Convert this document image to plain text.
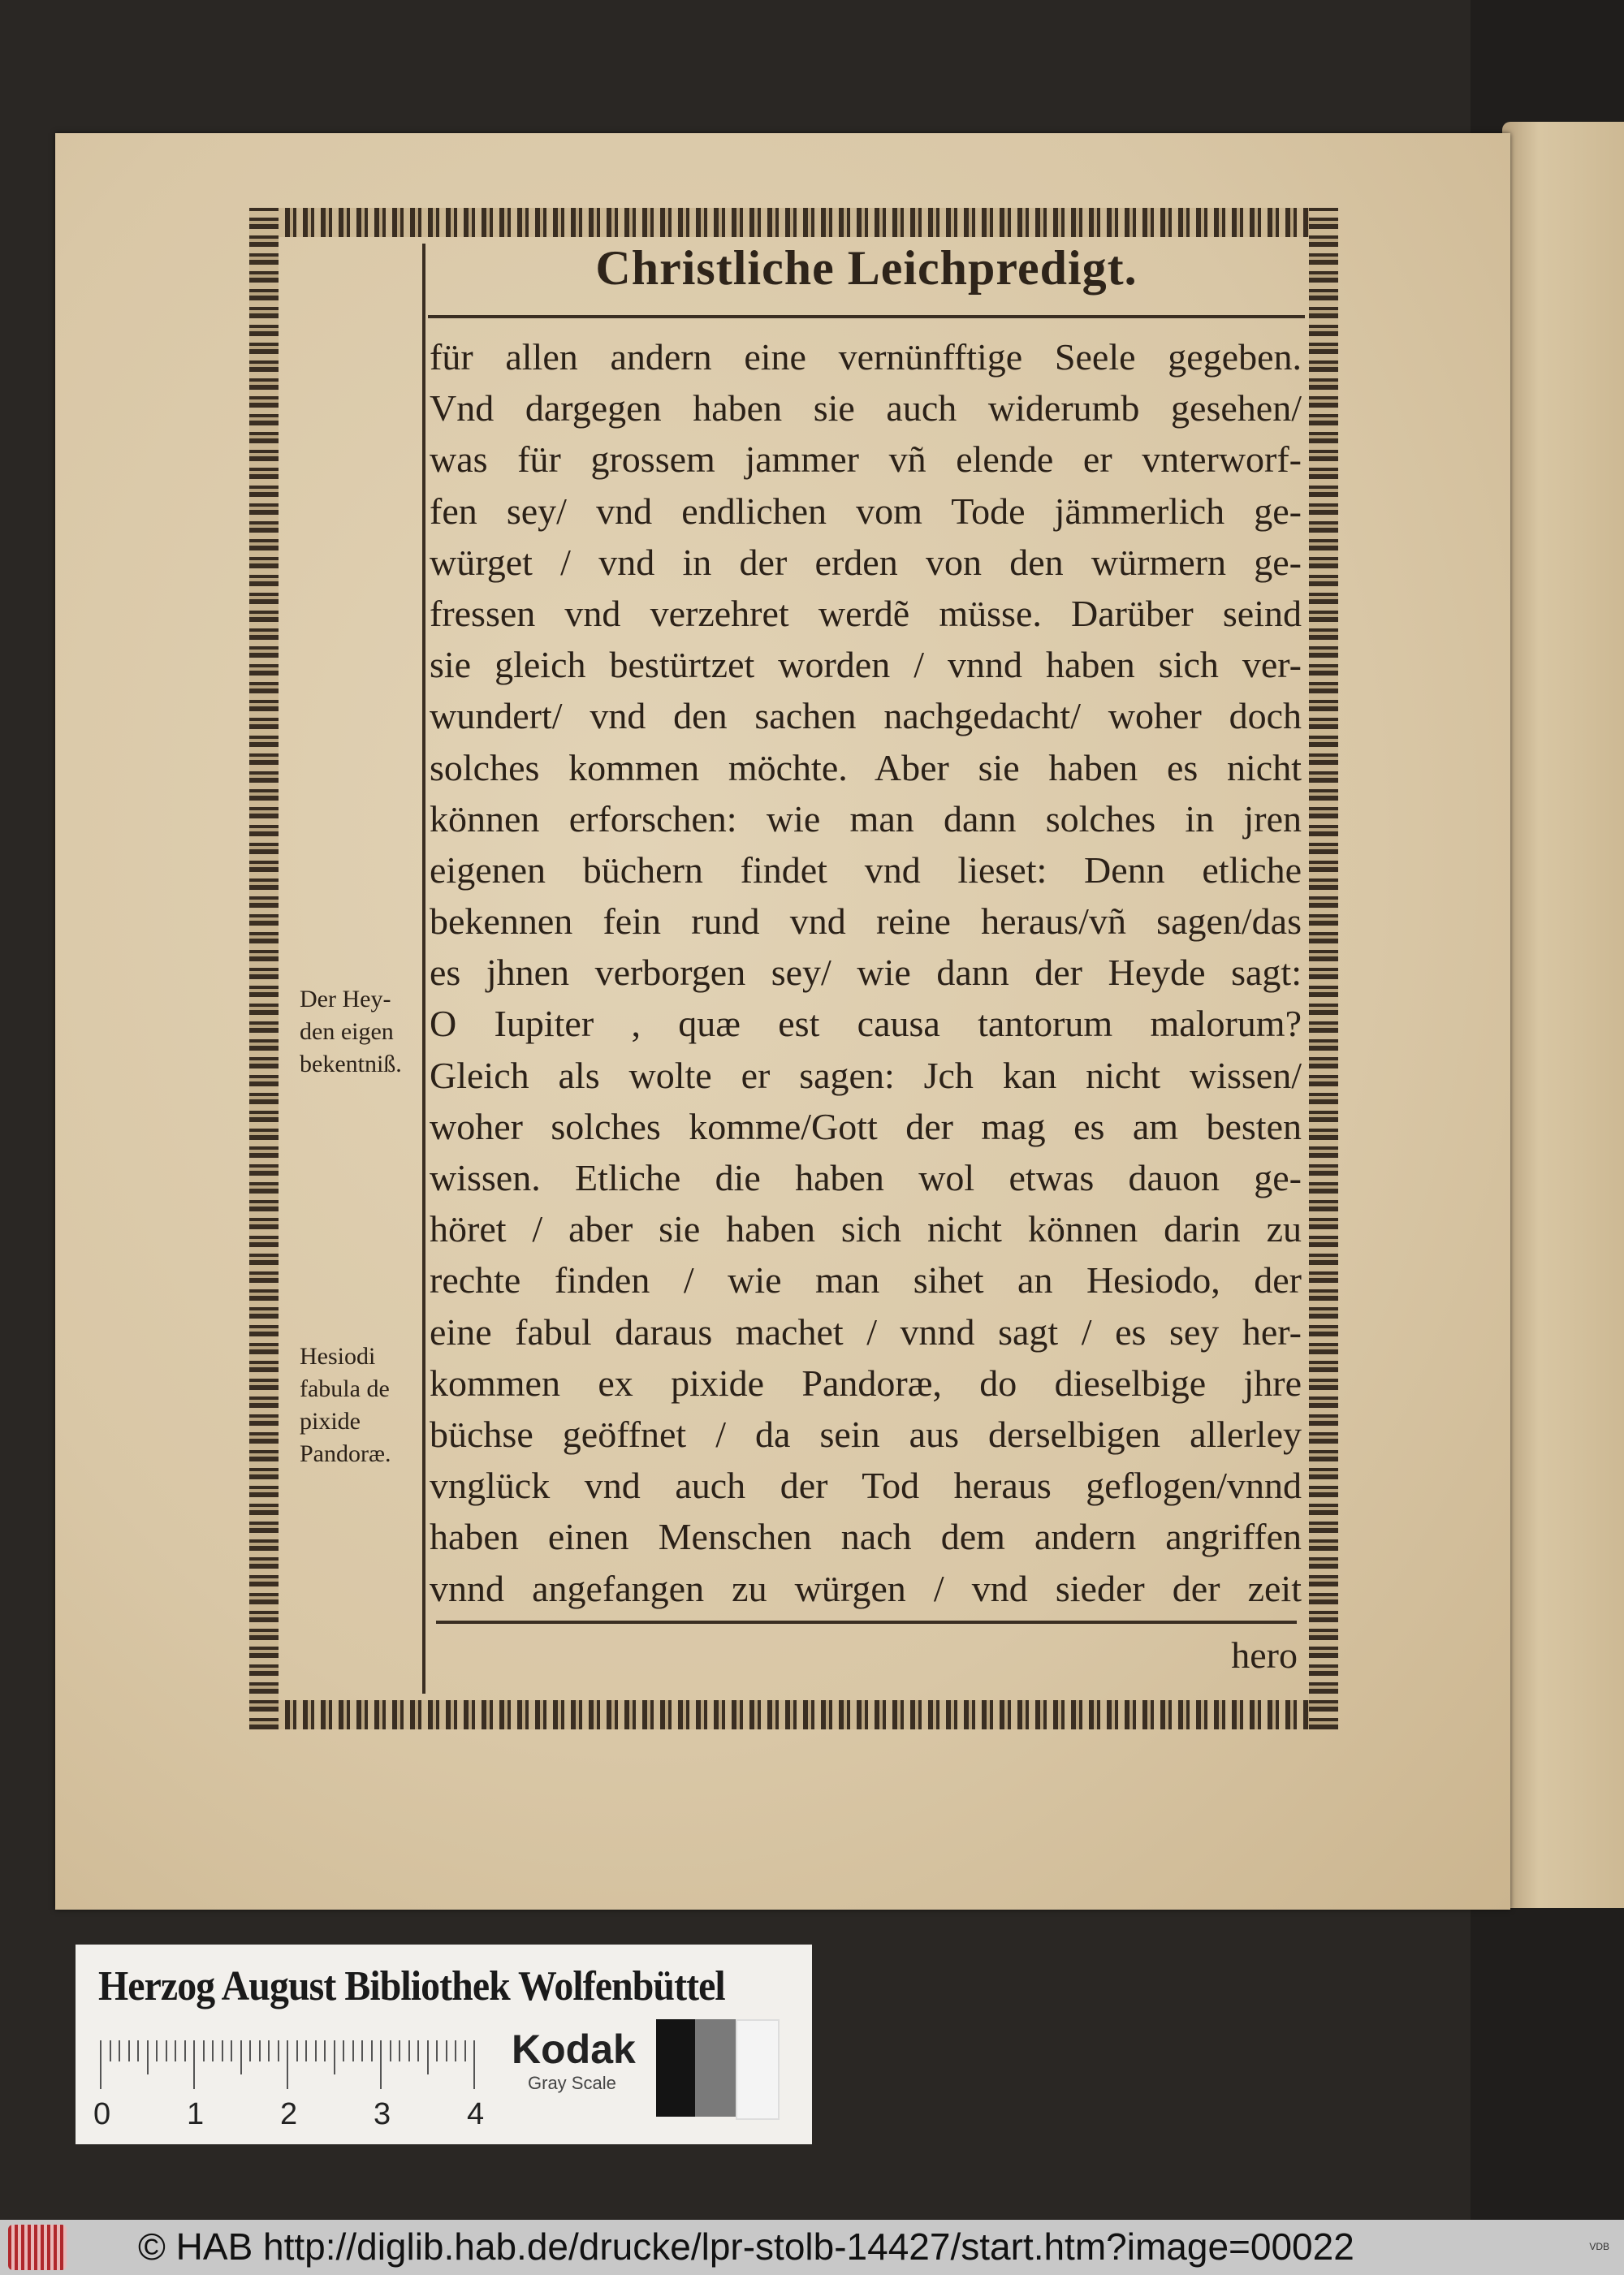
Christliche Leichpredigt.
für allen andern eine vernünfftige Seele gegeben.
Vnd dargegen haben sie auch widerumb gesehen/
was für grossem jammer vñ elende er vnterworf-
fen sey/ vnd endlichen vom Tode jämmerlich ge-
würget / vnd in der erden von den würmern ge-
fressen vnd verzehret werdẽ müsse. Darüber seind
sie gleich bestürtzet worden / vnnd haben sich ver-
wundert/ vnd den sachen nachgedacht/ woher doch
solches kommen möchte. Aber sie haben es nicht
können erforschen: wie man dann solches in jren
eigenen büchern findet vnd lieset: Denn etliche
bekennen fein rund vnd reine heraus/vñ sagen/das
es jhnen verborgen sey/ wie dann der Heyde sagt:
O Iupiter , quæ est causa tantorum malorum?
Gleich als wolte er sagen: Jch kan nicht wissen/
woher solches komme/Gott der mag es am besten
wissen. Etliche die haben wol etwas dauon ge-
höret / aber sie haben sich nicht können darin zu
rechte finden / wie man sihet an Hesiodo, der
eine fabul daraus machet / vnnd sagt / es sey her-
kommen ex pixide Pandoræ, do dieselbige jhre
büchse geöffnet / da sein aus derselbigen allerley
vnglück vnd auch der Tod heraus geflogen/vnnd
haben einen Menschen nach dem andern angriffen
vnnd angefangen zu würgen / vnd sieder der zeit
hero
Der Hey-
den eigen
bekentniß.
Hesiodi
fabula de
pixide
Pandoræ.
Herzog August Bibliothek Wolfenbüttel
0 1 2 3 4
Kodak
Gray Scale
© HAB http://diglib.hab.de/drucke/lpr-stolb-14427/start.htm?image=00022	VDB
